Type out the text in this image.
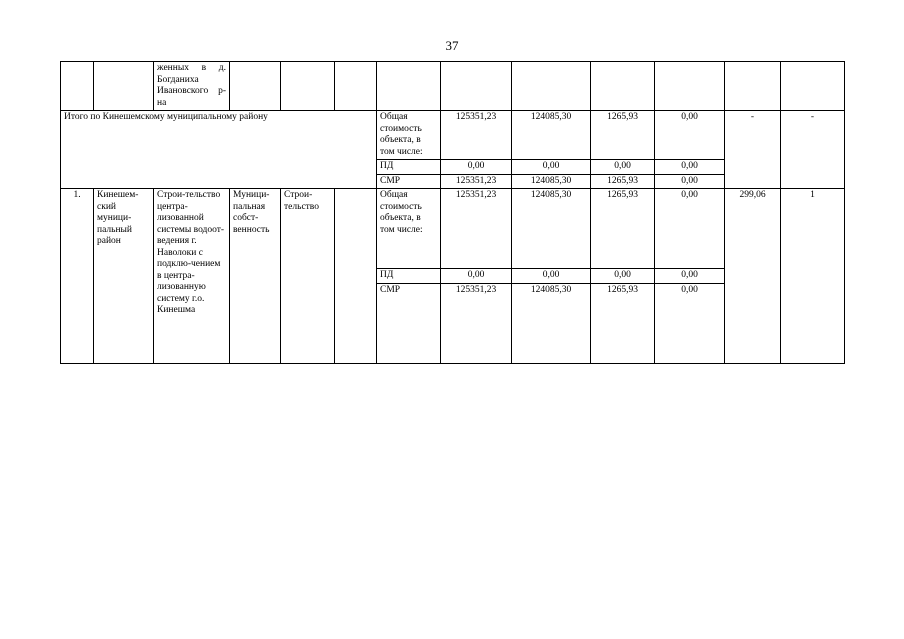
37
		женных в д. Богданиха Ивановского р-на										
Итого по Кинешемскому муниципальному району						Общая стоимость объекта, в том числе:	125351,23	124085,30	1265,93	0,00	-	-
						ПД	0,00	0,00	0,00	0,00		
						СМР	125351,23	124085,30	1265,93	0,00		
1.	Кинешем-ский муници-пальный район	Строи-тельство центра-лизованной системы водоот-ведения г. Наволоки с подклю-чением в центра-лизованную систему г.о. Кинешма	Муници-пальная собст-венность	Строи-тельство		Общая стоимость объекта, в том числе:	125351,23	124085,30	1265,93	0,00	299,06	1
						ПД	0,00	0,00	0,00	0,00		
						СМР	125351,23	124085,30	1265,93	0,00		
